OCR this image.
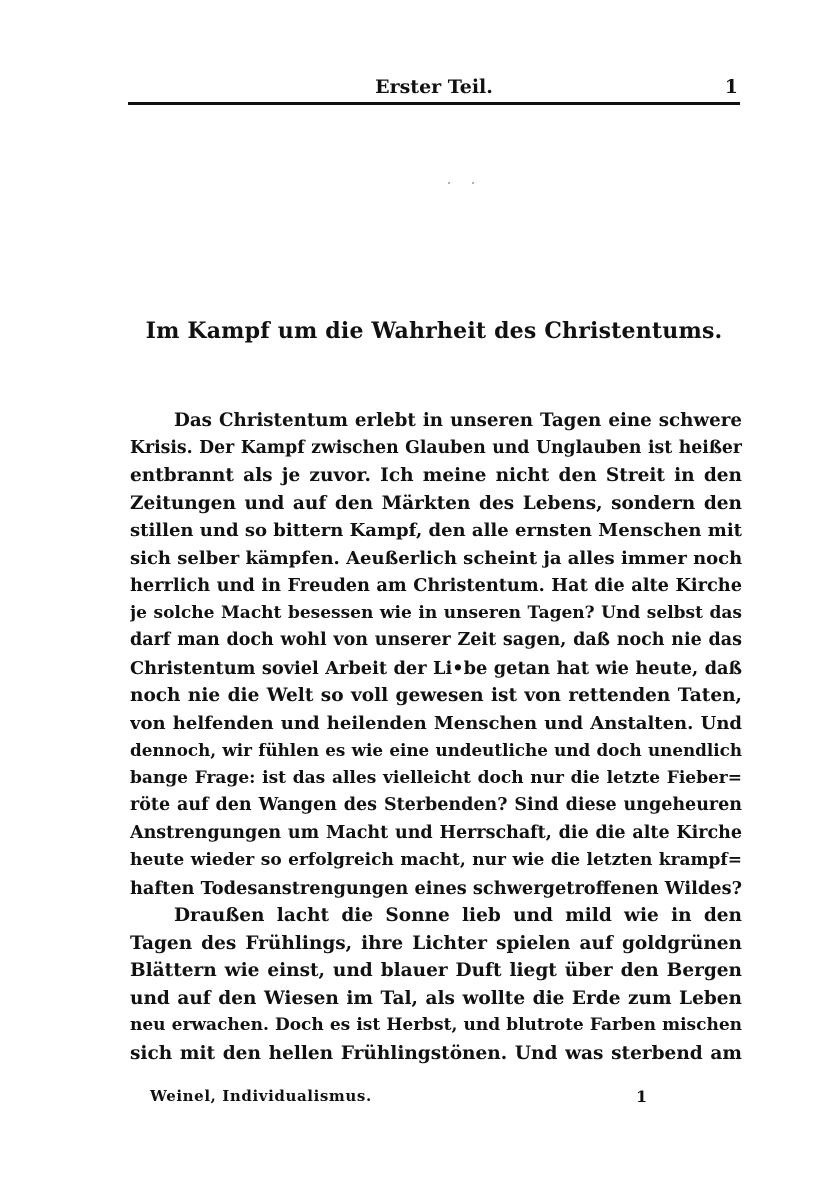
Erster Teil.	1
Im Kampf um die Wahrheit des Christentums.
Das Christentum erlebt in unseren Tagen eine schwere
Krisis. Der Kampf zwischen Glauben und Unglauben ist heißer
entbrannt als je zuvor. Ich meine nicht den Streit in den
Zeitungen und auf den Märkten des Lebens, sondern den
stillen und so bittern Kampf, den alle ernsten Menschen mit
sich selber kämpfen. Aeußerlich scheint ja alles immer noch
herrlich und in Freuden am Christentum. Hat die alte Kirche
je solche Macht besessen wie in unseren Tagen? Und selbst das
darf man doch wohl von unserer Zeit sagen, daß noch nie das
Christentum soviel Arbeit der Li•be getan hat wie heute, daß
noch nie die Welt so voll gewesen ist von rettenden Taten,
von helfenden und heilenden Menschen und Anstalten. Und
dennoch, wir fühlen es wie eine undeutliche und doch unendlich
bange Frage: ist das alles vielleicht doch nur die letzte Fieber=
röte auf den Wangen des Sterbenden? Sind diese ungeheuren
Anstrengungen um Macht und Herrschaft, die die alte Kirche
heute wieder so erfolgreich macht, nur wie die letzten krampf=
haften Todesanstrengungen eines schwergetroffenen Wildes?
Draußen lacht die Sonne lieb und mild wie in den
Tagen des Frühlings, ihre Lichter spielen auf goldgrünen
Blättern wie einst, und blauer Duft liegt über den Bergen
und auf den Wiesen im Tal, als wollte die Erde zum Leben
neu erwachen. Doch es ist Herbst, und blutrote Farben mischen
sich mit den hellen Frühlingstönen. Und was sterbend am
Weinel, Individualismus.	1
